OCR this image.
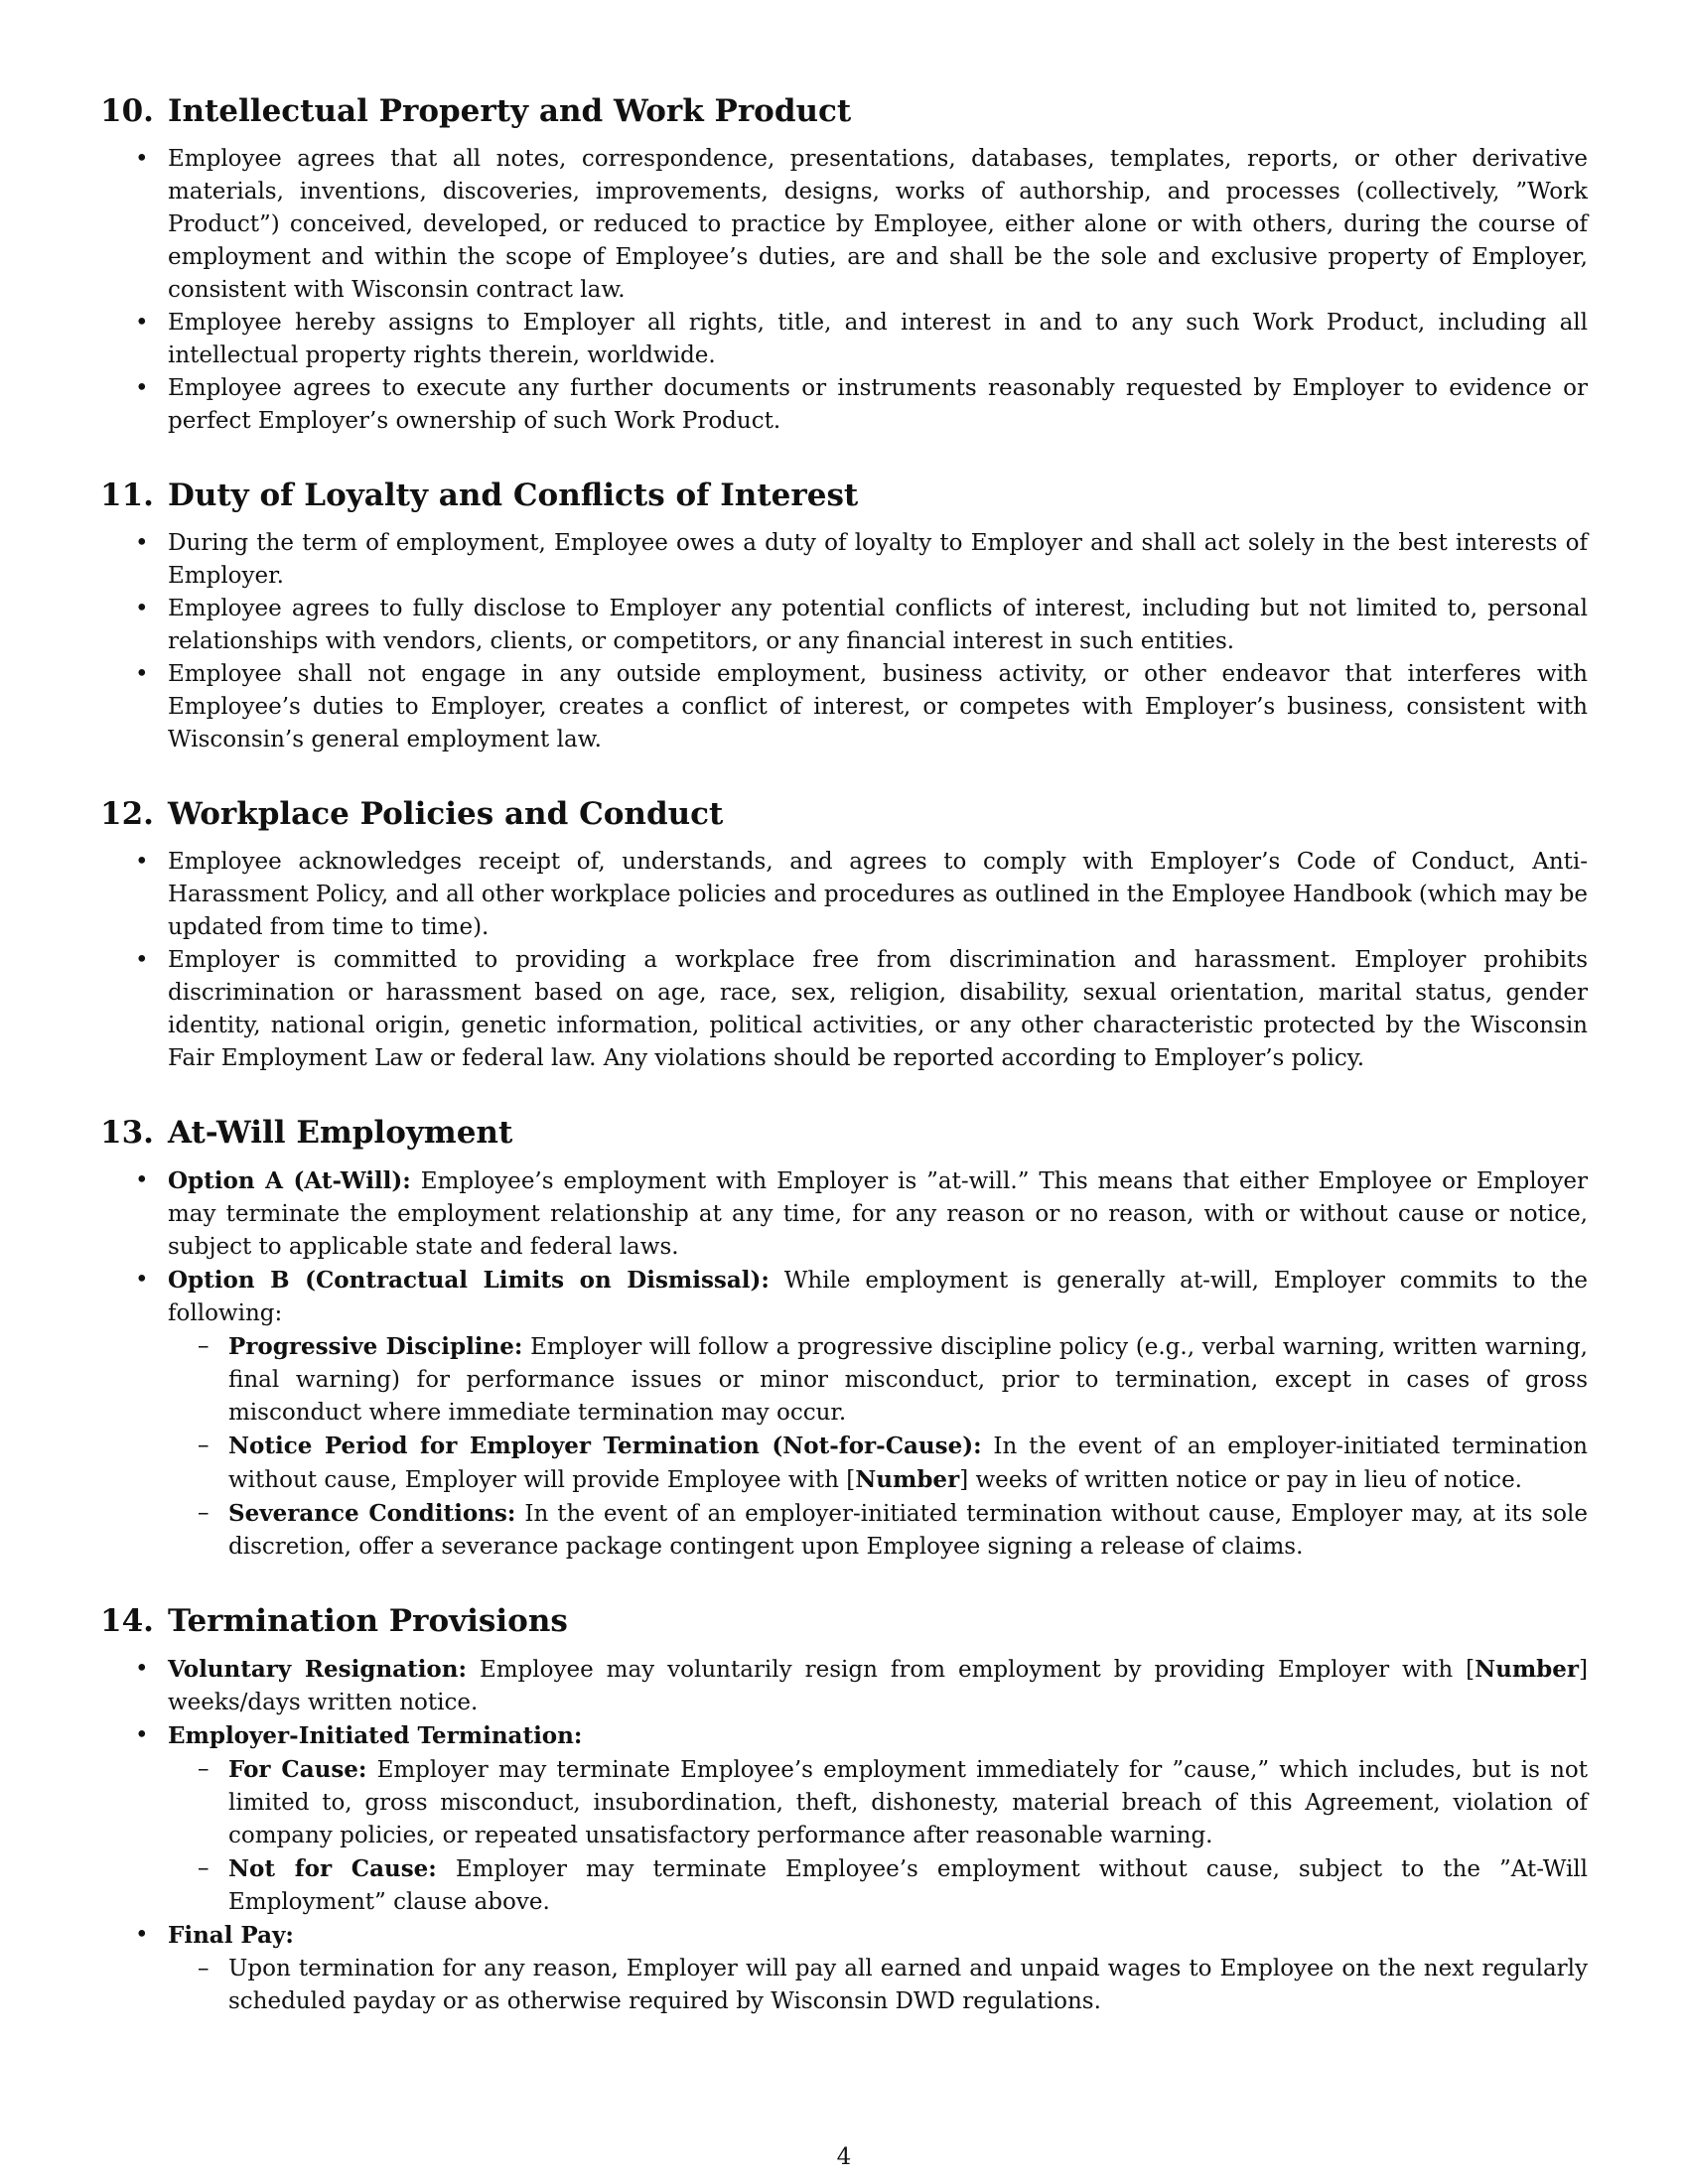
10. Intellectual Property and Work Product
• Employee agrees that all notes, correspondence, presentations, databases, templates, reports, or other derivative materials, inventions, discoveries, improvements, designs, works of authorship, and processes (collectively, ”Work Product”) conceived, developed, or reduced to practice by Employee, either alone or with others, during the course of employment and within the scope of Employee’s duties, are and shall be the sole and exclusive property of Employer, consistent with Wisconsin contract law.
• Employee hereby assigns to Employer all rights, title, and interest in and to any such Work Product, including all intellectual property rights therein, worldwide.
• Employee agrees to execute any further documents or instruments reasonably requested by Employer to evidence or perfect Employer’s ownership of such Work Product.
11. Duty of Loyalty and Conflicts of Interest
• During the term of employment, Employee owes a duty of loyalty to Employer and shall act solely in the best interests of Employer.
• Employee agrees to fully disclose to Employer any potential conflicts of interest, including but not limited to, personal relationships with vendors, clients, or competitors, or any financial interest in such entities.
• Employee shall not engage in any outside employment, business activity, or other endeavor that interferes with Employee’s duties to Employer, creates a conflict of interest, or competes with Employer’s business, consistent with Wisconsin’s general employment law.
12. Workplace Policies and Conduct
• Employee acknowledges receipt of, understands, and agrees to comply with Employer’s Code of Conduct, Anti-Harassment Policy, and all other workplace policies and procedures as outlined in the Employee Handbook (which may be updated from time to time).
• Employer is committed to providing a workplace free from discrimination and harassment. Employer prohibits discrimination or harassment based on age, race, sex, religion, disability, sexual orientation, marital status, gender identity, national origin, genetic information, political activities, or any other characteristic protected by the Wisconsin Fair Employment Law or federal law. Any violations should be reported according to Employer’s policy.
13. At-Will Employment
• Option A (At-Will): Employee’s employment with Employer is ”at-will.” This means that either Employee or Employer may terminate the employment relationship at any time, for any reason or no reason, with or without cause or notice, subject to applicable state and federal laws.
• Option B (Contractual Limits on Dismissal): While employment is generally at-will, Employer commits to the following:
– Progressive Discipline: Employer will follow a progressive discipline policy (e.g., verbal warning, written warning, final warning) for performance issues or minor misconduct, prior to termination, except in cases of gross misconduct where immediate termination may occur.
– Notice Period for Employer Termination (Not-for-Cause): In the event of an employer-initiated termination without cause, Employer will provide Employee with [Number] weeks of written notice or pay in lieu of notice.
– Severance Conditions: In the event of an employer-initiated termination without cause, Employer may, at its sole discretion, offer a severance package contingent upon Employee signing a release of claims.
14. Termination Provisions
• Voluntary Resignation: Employee may voluntarily resign from employment by providing Employer with [Number] weeks/days written notice.
• Employer-Initiated Termination:
– For Cause: Employer may terminate Employee’s employment immediately for ”cause,” which includes, but is not limited to, gross misconduct, insubordination, theft, dishonesty, material breach of this Agreement, violation of company policies, or repeated unsatisfactory performance after reasonable warning.
– Not for Cause: Employer may terminate Employee’s employment without cause, subject to the ”At-Will Employment” clause above.
• Final Pay:
– Upon termination for any reason, Employer will pay all earned and unpaid wages to Employee on the next regularly scheduled payday or as otherwise required by Wisconsin DWD regulations.
4
